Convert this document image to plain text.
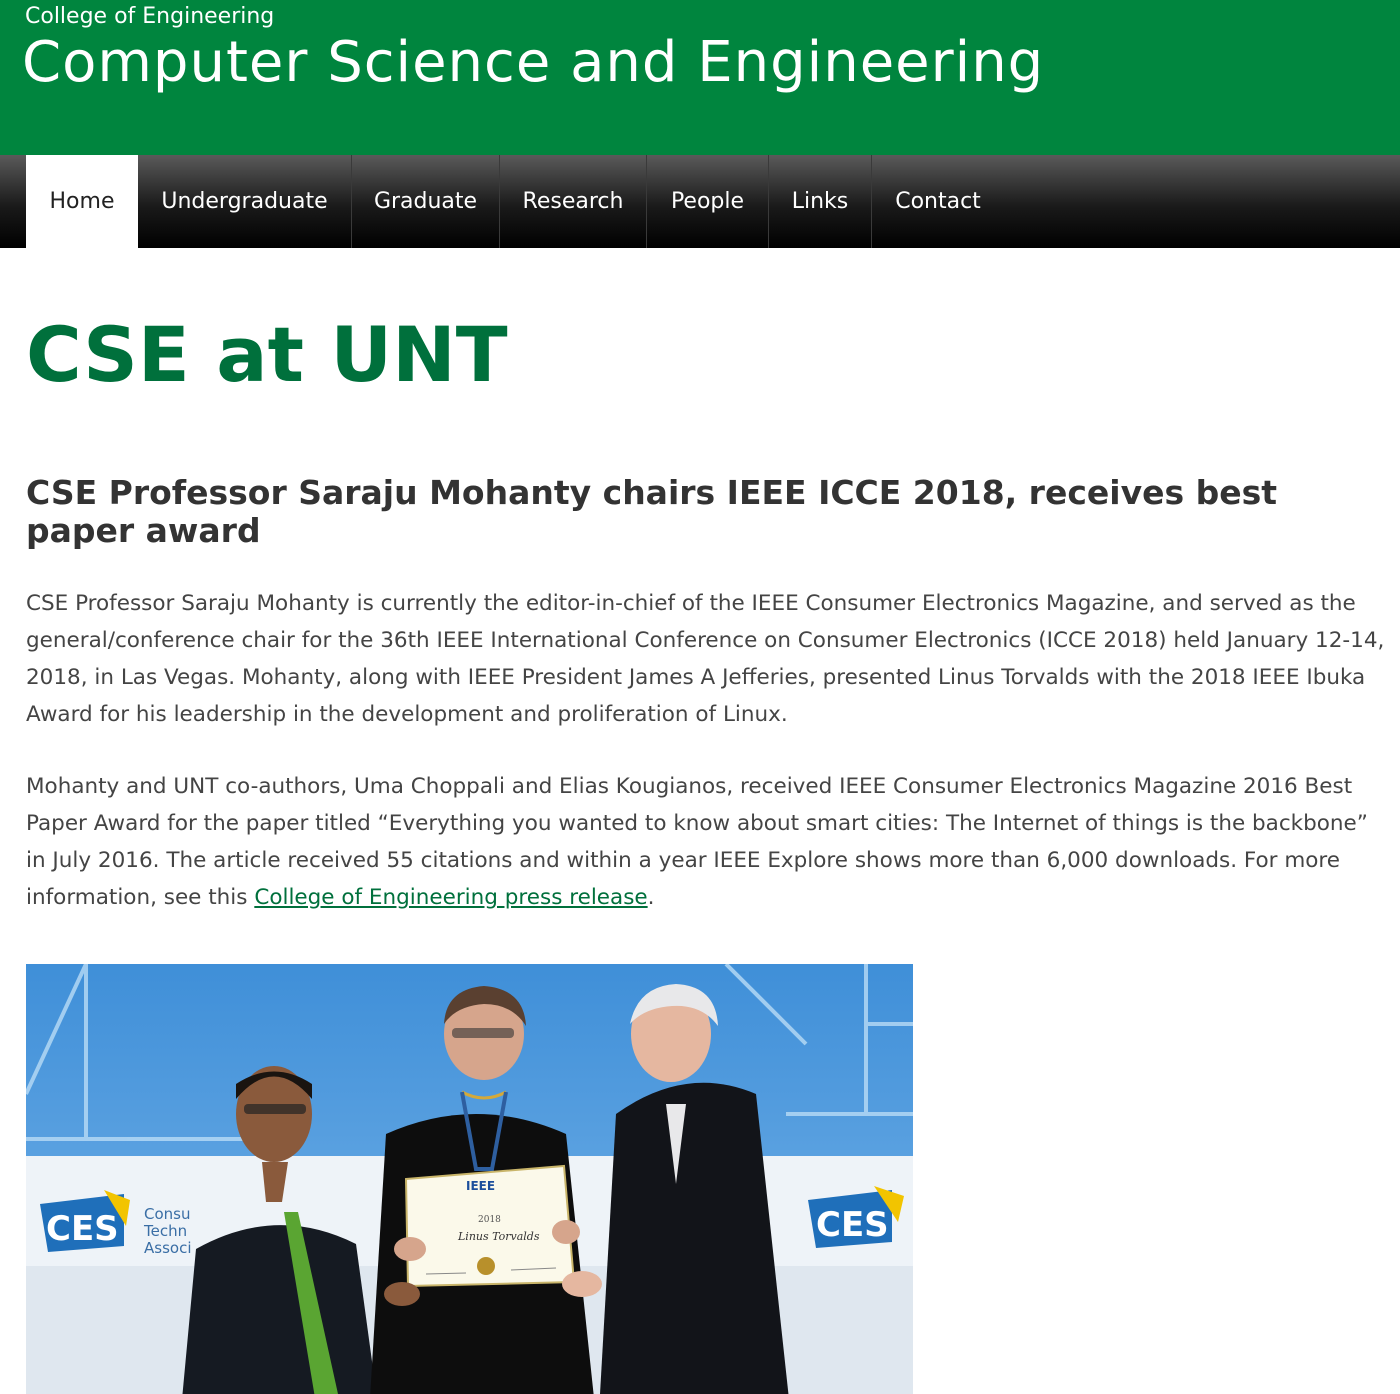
College of Engineering
Computer Science and Engineering
Home	Undergraduate	Graduate	Research	People	Links	Contact
CSE at UNT
CSE Professor Saraju Mohanty chairs IEEE ICCE 2018, receives best paper award

CSE Professor Saraju Mohanty is currently the editor-in-chief of the IEEE Consumer Electronics Magazine, and served as the general/conference chair for the 36th IEEE International Conference on Consumer Electronics (ICCE 2018) held January 12-14, 2018, in Las Vegas. Mohanty, along with IEEE President James A Jefferies, presented Linus Torvalds with the 2018 IEEE Ibuka Award for his leadership in the development and proliferation of Linux.

Mohanty and UNT co-authors, Uma Choppali and Elias Kougianos, received IEEE Consumer Electronics Magazine 2016 Best Paper Award for the paper titled “Everything you wanted to know about smart cities: The Internet of things is the backbone” in July 2016. The article received 55 citations and within a year IEEE Explore shows more than 6,000 downloads. For more information, see this College of Engineering press release.

CES Consu
Techn
Associ
CES
IEEE
2018
Linus Torvalds
